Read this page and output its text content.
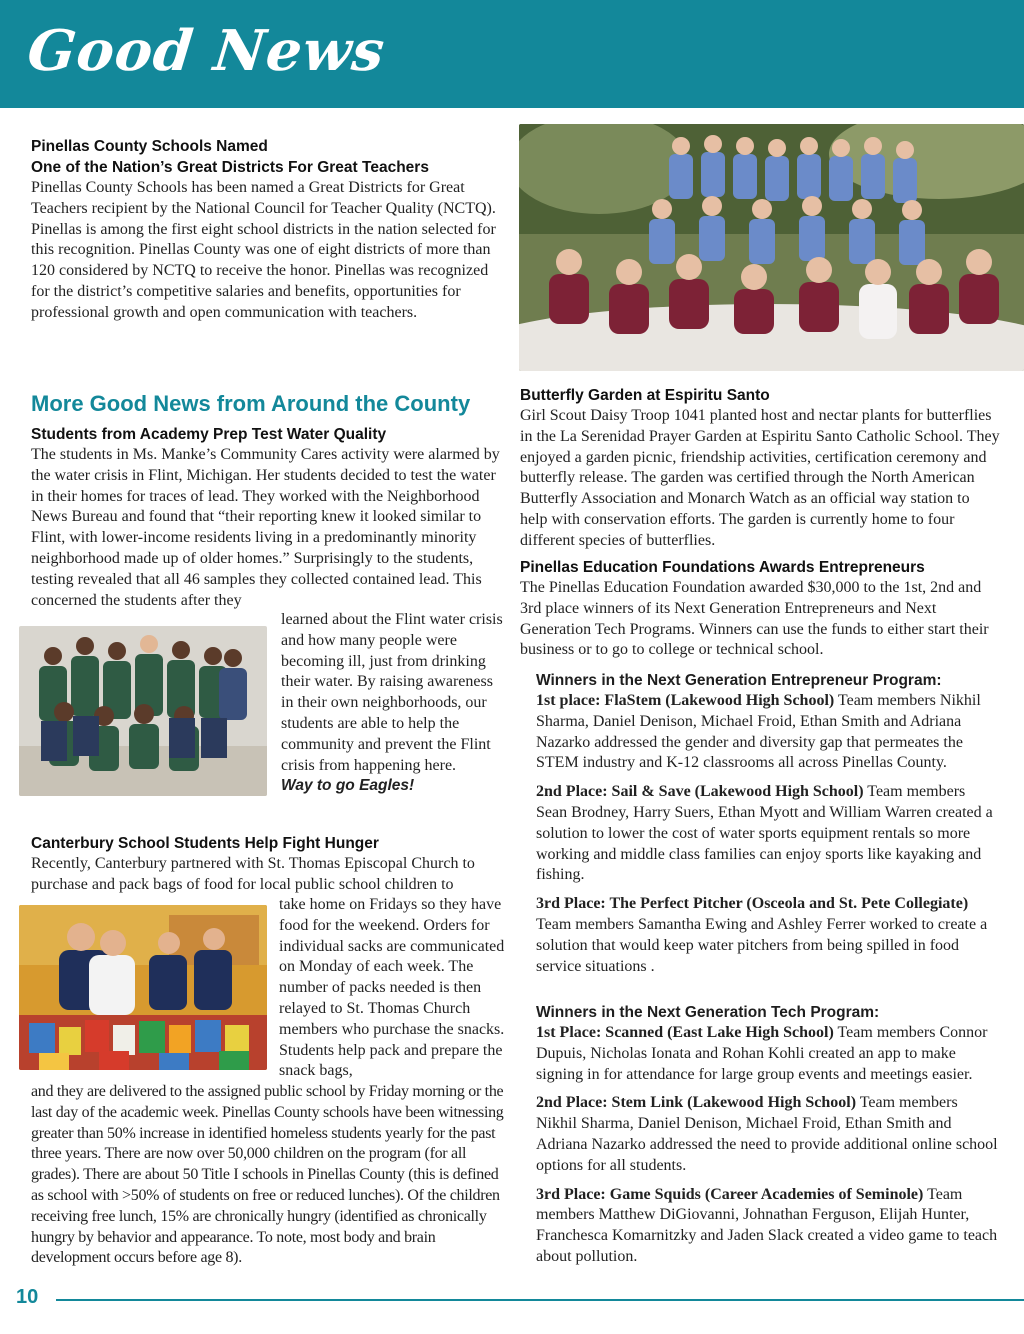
Good News
Pinellas County Schools Named
One of the Nation’s Great Districts For Great Teachers

Pinellas County Schools has been named a Great Districts for Great Teachers recipient by the National Council for Teacher Quality (NCTQ). Pinellas is among the first eight school districts in the nation selected for this recognition. Pinellas County was one of eight districts of more than 120 considered by NCTQ to receive the honor. Pinellas was recognized for the district’s competitive salaries and benefits, opportunities for professional growth and open communication with teachers.

More Good News from Around the County
Students from Academy Prep Test Water Quality

The students in Ms. Manke’s Community Cares activity were alarmed by the water crisis in Flint, Michigan. Her students decided to test the water in their homes for traces of lead. They worked with the Neighborhood News Bureau and found that “their reporting knew it looked similar to Flint, with lower-income residents living in a predominantly minority neighborhood made up of older homes.” Surprisingly to the students, testing revealed that all 46 samples they collected contained lead. This concerned the students after they

learned about the Flint water crisis and how many people were becoming ill, just from drinking their water. By raising awareness in their own neighborhoods, our students are able to help the community and prevent the Flint crisis from happening here.

Way to go Eagles!

Canterbury School Students Help Fight Hunger

Recently, Canterbury partnered with St. Thomas Episcopal Church to purchase and pack bags of food for local public school children to

take home on Fridays so they have food for the weekend. Orders for individual sacks are communicated on Monday of each week. The number of packs needed is then relayed to St. Thomas Church members who purchase the snacks. Students help pack and prepare the snack bags,
and they are delivered to the assigned public school by Friday morning or the last day of the academic week. Pinellas County schools have been witnessing greater than 50% increase in identified homeless students yearly for the past three years. There are now over 50,000 children on the program (for all grades). There are about 50 Title I schools in Pinellas County (this is defined as school with >50% of students on free or reduced lunches). Of the children receiving free lunch, 15% are chronically hungry (identified as chronically hungry by behavior and appearance. To note, most body and brain development occurs before age 8).
Butterfly Garden at Espiritu Santo

Girl Scout Daisy Troop 1041 planted host and nectar plants for butterflies in the La Serenidad Prayer Garden at Espiritu Santo Catholic School. They enjoyed a garden picnic, friendship activities, certification ceremony and butterfly release. The garden was certified through the North American Butterfly Association and Monarch Watch as an official way station to help with conservation efforts. The garden is currently home to four different species of butterflies.

Pinellas Education Foundations Awards Entrepreneurs

The Pinellas Education Foundation awarded $30,000 to the 1st, 2nd and 3rd place winners of its Next Generation Entrepreneurs and Next Generation Tech Programs. Winners can use the funds to either start their business or to go to college or technical school.

Winners in the Next Generation Entrepreneur Program:
1st place: FlaStem (Lakewood High School) Team members Nikhil Sharma, Daniel Denison, Michael Froid, Ethan Smith and Adriana Nazarko addressed the gender and diversity gap that permeates the STEM industry and K-12 classrooms all across Pinellas County.
2nd Place: Sail & Save (Lakewood High School) Team members Sean Brodney, Harry Suers, Ethan Myott and William Warren created a solution to lower the cost of water sports equipment rentals so more working and middle class families can enjoy sports like kayaking and fishing.
3rd Place: The Perfect Pitcher (Osceola and St. Pete Collegiate) Team members Samantha Ewing and Ashley Ferrer worked to create a solution that would keep water pitchers from being spilled in food service situations .
Winners in the Next Generation Tech Program:
1st Place: Scanned (East Lake High School) Team members Connor Dupuis, Nicholas Ionata and Rohan Kohli created an app to make signing in for attendance for large group events and meetings easier.
2nd Place: Stem Link (Lakewood High School) Team members Nikhil Sharma, Daniel Denison, Michael Froid, Ethan Smith and Adriana Nazarko addressed the need to provide additional online school options for all students.
3rd Place: Game Squids (Career Academies of Seminole) Team members Matthew DiGiovanni, Johnathan Ferguson, Elijah Hunter, Franchesca Komarnitzky and Jaden Slack created a video game to teach about pollution.
10
